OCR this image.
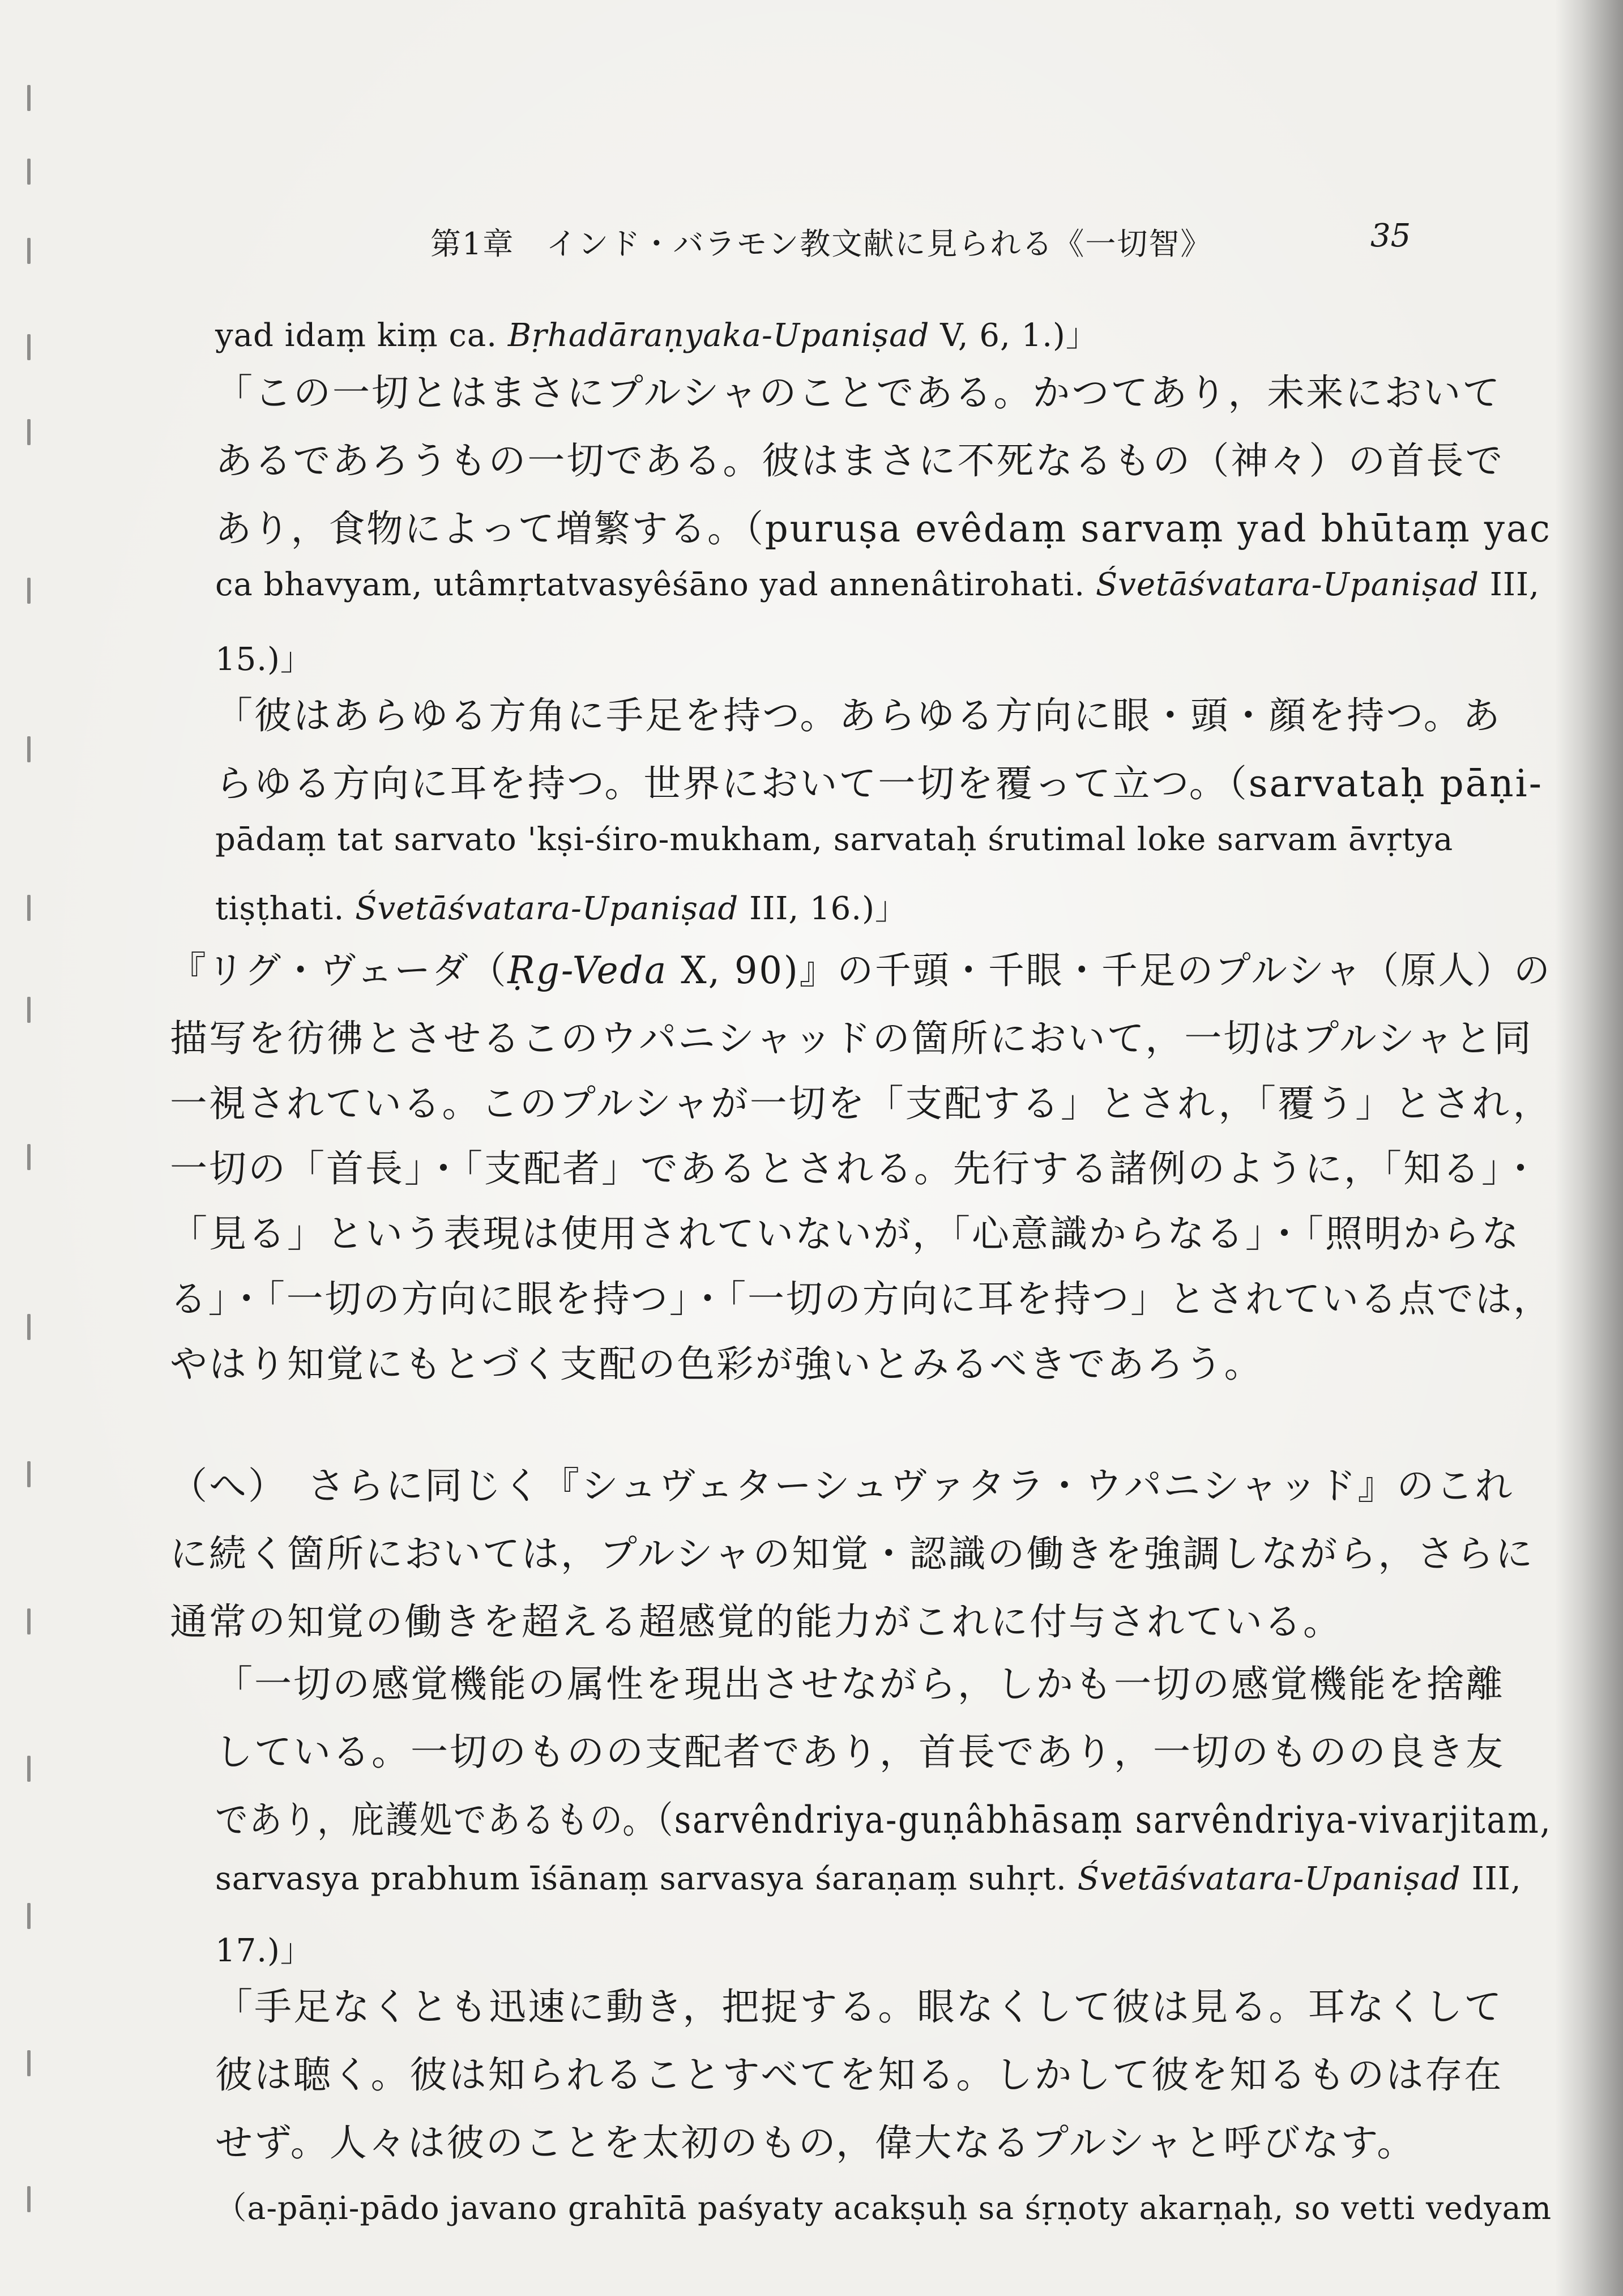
第1章　インド・バラモン教文献に見られる《一切智》	35
yad idaṃ kiṃ ca. Bṛhadāraṇyaka-Upaniṣad V, 6, 1.)」
「この一切とはまさにプルシャのことである。かつてあり，未来において
あるであろうもの一切である。彼はまさに不死なるもの（神々）の首長で
あり，食物によって増繁する。（puruṣa evêdaṃ sarvaṃ yad bhūtaṃ yac
ca bhavyam, utâmṛtatvasyêśāno yad annenâtirohati. Śvetāśvatara-Upaniṣad III,
15.)」
「彼はあらゆる方角に手足を持つ。あらゆる方向に眼・頭・顔を持つ。あ
らゆる方向に耳を持つ。世界において一切を覆って立つ。（sarvataḥ pāṇi-
pādaṃ tat sarvato 'kṣi-śiro-mukham, sarvataḥ śrutimal loke sarvam āvṛtya
tiṣṭhati. Śvetāśvatara-Upaniṣad III, 16.)」
『リグ・ヴェーダ（Ṛg-Veda X, 90)』の千頭・千眼・千足のプルシャ（原人）の
描写を彷彿とさせるこのウパニシャッドの箇所において，一切はプルシャと同
一視されている。このプルシャが一切を「支配する」とされ，「覆う」とされ，
一切の「首長」・「支配者」であるとされる。先行する諸例のように，「知る」・
「見る」という表現は使用されていないが，「心意識からなる」・「照明からな
る」・「一切の方向に眼を持つ」・「一切の方向に耳を持つ」とされている点では，
やはり知覚にもとづく支配の色彩が強いとみるべきであろう。
（へ）　さらに同じく『シュヴェターシュヴァタラ・ウパニシャッド』のこれ
に続く箇所においては，プルシャの知覚・認識の働きを強調しながら，さらに
通常の知覚の働きを超える超感覚的能力がこれに付与されている。
「一切の感覚機能の属性を現出させながら，しかも一切の感覚機能を捨離
している。一切のものの支配者であり，首長であり，一切のものの良き友
であり，庇護処であるもの。（sarvêndriya-guṇâbhāsaṃ sarvêndriya-vivarjitam,
sarvasya prabhum īśānaṃ sarvasya śaraṇaṃ suhṛt. Śvetāśvatara-Upaniṣad III,
17.)」
「手足なくとも迅速に動き，把捉する。眼なくして彼は見る。耳なくして
彼は聴く。彼は知られることすべてを知る。しかして彼を知るものは存在
せず。人々は彼のことを太初のもの，偉大なるプルシャと呼びなす。
（a-pāṇi-pādo javano grahītā paśyaty acakṣuḥ sa śṛṇoty akarṇaḥ, so vetti vedyam
